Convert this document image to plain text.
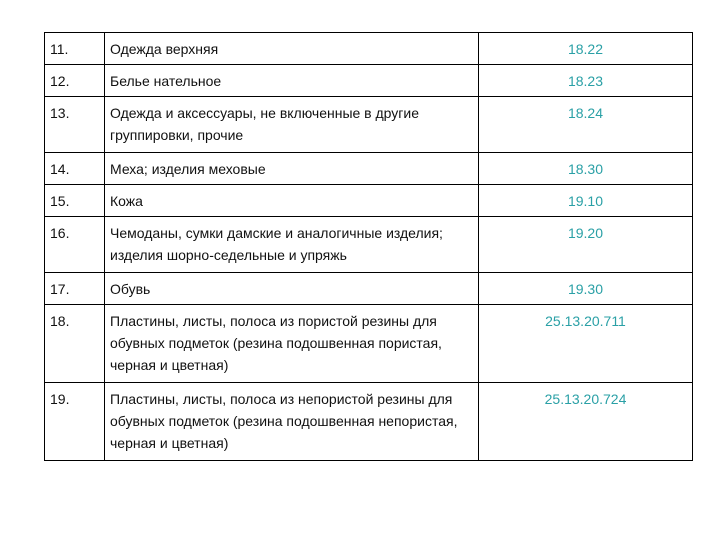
11.	Одежда верхняя	18.22
12.	Белье нательное	18.23
13.	Одежда и аксессуары, не включенные в другие группировки, прочие	18.24
14.	Меха; изделия меховые	18.30
15.	Кожа	19.10
16.	Чемоданы, сумки дамские и аналогичные изделия; изделия шорно-седельные и упряжь	19.20
17.	Обувь	19.30
18.	Пластины, листы, полоса из пористой резины для обувных подметок (резина подошвенная пористая, черная и цветная)	25.13.20.711
19.	Пластины, листы, полоса из непористой резины для обувных подметок (резина подошвенная непористая, черная и цветная)	25.13.20.724
